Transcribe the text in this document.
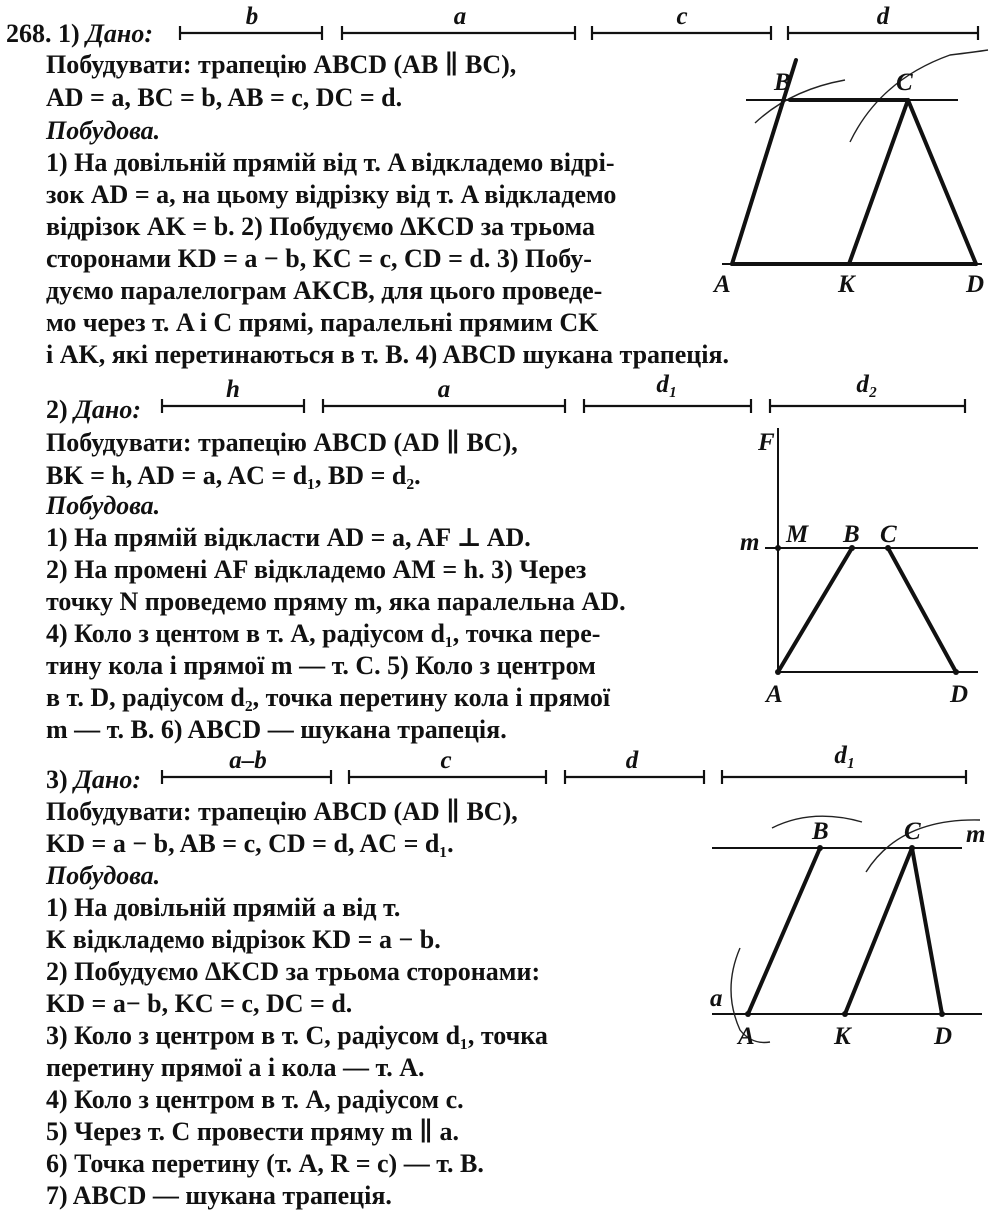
268. 1) Дано:
Побудувати: трапецію ABCD (AB ∥ BC),
AD = a, BC = b, AB = c, DC = d.
Побудова.
1) На довільній прямій від т. A відкладемо відрі-
зок AD = a, на цьому відрізку від т. A відкладемо
відрізок AK = b. 2) Побудуємо ΔKCD за трьома
сторонами KD = a − b, KC = c, CD = d. 3) Побу-
дуємо паралелограм AKCB, для цього проведе-
мо через т. A і C прямі, паралельні прямим CK
і AK, які перетинаються в т. B. 4) ABCD шукана трапеція.
2) Дано:
Побудувати: трапецію ABCD (AD ∥ BC),
BK = h, AD = a, AC = d₁, BD = d₂.
Побудова.
1) На прямій відкласти AD = a, AF ⊥ AD.
2) На промені AF відкладемо AM = h. 3) Через
точку N проведемо пряму m, яка паралельна AD.
4) Коло з центом в т. A, радіусом d₁, точка пере-
тину кола і прямої m — т. C. 5) Коло з центром
в т. D, радіусом d₂, точка перетину кола і прямої
m — т. B. 6) ABCD — шукана трапеція.
3) Дано:
Побудувати: трапецію ABCD (AD ∥ BC),
KD = a − b, AB = c, CD = d, AC = d₁.
Побудова.
1) На довільній прямій a від т.
K відкладемо відрізок KD = a − b.
2) Побудуємо ΔKCD за трьома сторонами:
KD = a− b, KC = c, DC = d.
3) Коло з центром в т. C, радіусом d₁, точка
перетину прямої a і кола — т. A.
4) Коло з центром в т. A, радіусом c.
5) Через т. C провести пряму m ∥ a.
6) Точка перетину (т. A, R = c) — т. B.
7) ABCD — шукана трапеція.
b	a	c	d
B	C
A	K	D
h	a	d₁	d₂
F
m M B C
A	D
a–b	c	d	d₁
B	C m
a
A	K	D
